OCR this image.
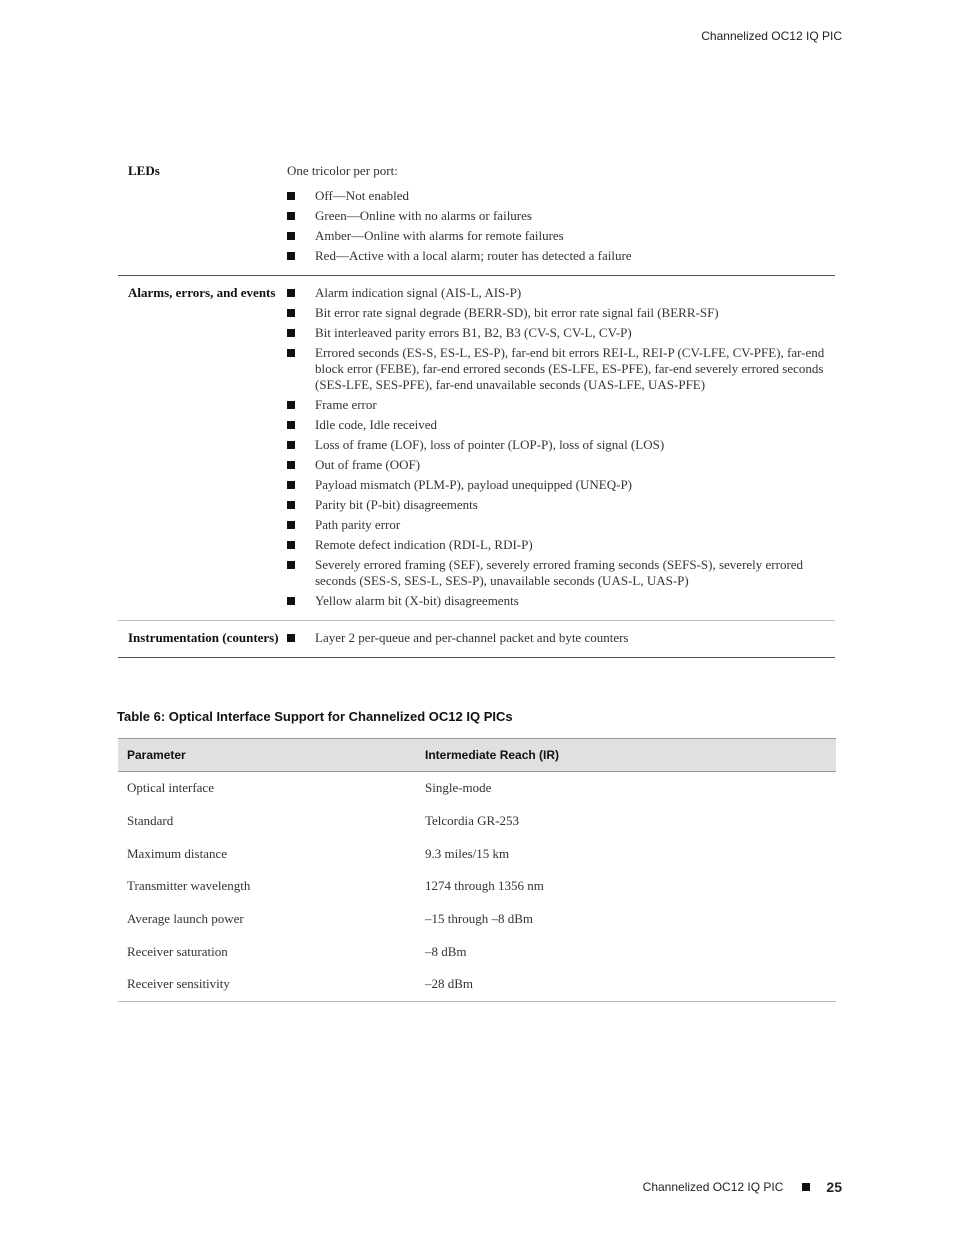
Channelized OC12 IQ PIC
LEDs	One tricolor per port:

Off—Not enabled
Green—Online with no alarms or failures
Amber—Online with alarms for remote failures
Red—Active with a local alarm; router has detected a failure
Alarms, errors, and events	Alarm indication signal (AIS-L, AIS-P)
Bit error rate signal degrade (BERR-SD), bit error rate signal fail (BERR-SF)
Bit interleaved parity errors B1, B2, B3 (CV-S, CV-L, CV-P)
Errored seconds (ES-S, ES-L, ES-P), far-end bit errors REI-L, REI-P (CV-LFE, CV-PFE), far-end block error (FEBE), far-end errored seconds (ES-LFE, ES-PFE), far-end severely errored seconds (SES-LFE, SES-PFE), far-end unavailable seconds (UAS-LFE, UAS-PFE)
Frame error
Idle code, Idle received
Loss of frame (LOF), loss of pointer (LOP-P), loss of signal (LOS)
Out of frame (OOF)
Payload mismatch (PLM-P), payload unequipped (UNEQ-P)
Parity bit (P-bit) disagreements
Path parity error
Remote defect indication (RDI-L, RDI-P)
Severely errored framing (SEF), severely errored framing seconds (SEFS-S), severely errored seconds (SES-S, SES-L, SES-P), unavailable seconds (UAS-L, UAS-P)
Yellow alarm bit (X-bit) disagreements
Instrumentation (counters)	Layer 2 per-queue and per-channel packet and byte counters
Table 6: Optical Interface Support for Channelized OC12 IQ PICs
Parameter	Intermediate Reach (IR)
Optical interface	Single-mode
Standard	Telcordia GR-253
Maximum distance	9.3 miles/15 km
Transmitter wavelength	1274 through 1356 nm
Average launch power	–15 through –8 dBm
Receiver saturation	–8 dBm
Receiver sensitivity	–28 dBm
Channelized OC12 IQ PIC	25
